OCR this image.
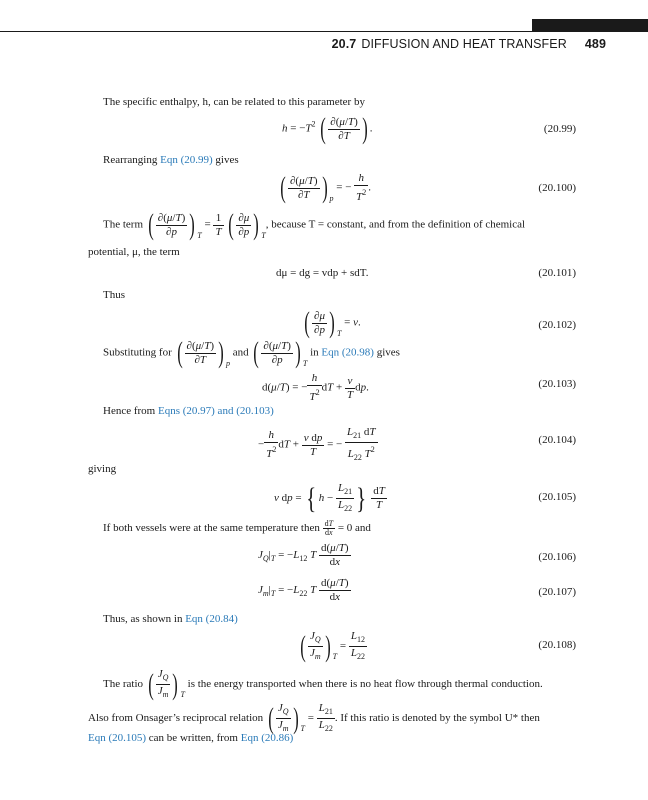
20.7 DIFFUSION AND HEAT TRANSFER 489
The specific enthalpy, h, can be related to this parameter by
$h = -T^2$ ( $\frac{\partial(\mu/T)}{\partial T}$ ) .	(20.99)
Rearranging Eqn (20.99) gives
( $\frac{\partial(\mu/T)}{\partial T}$ ) $_p$ = − $\frac{h}{T^2}$ .	(20.100)
The term ( $\frac{\partial(\mu/T)}{\partial p}$ ) $_T = \frac{1}{T}$ ( $\frac{\partial\mu}{\partial p}$ ) $_T$, because T = constant, and from the definition of chemical
potential, μ, the term
dμ = dg = vdp + sdT.	(20.101)
Thus
( $\frac{\partial\mu}{\partial p}$ ) $_T$ = v.	(20.102)
Substituting for ( $\frac{\partial(\mu/T)}{\partial T}$ ) $_p$ and ( $\frac{\partial(\mu/T)}{\partial p}$ ) $_T$ in Eqn (20.98) gives
d(μ/T) = − $\frac{h}{T^2}$ dT + $\frac{v}{T}$ dp.	(20.103)
Hence from Eqns (20.97) and (20.103)
− $\frac{h}{T^2}$ dT + $\frac{\text{v dp}}{T}$ = − $\frac{L_{21} dT}{L_{22} T^2}$	(20.104)
giving
v dp = { $h - \frac{L_{21}}{L_{22}}$ } $\frac{dT}{T}$	(20.105)
If both vessels were at the same temperature then $\frac{dT}{dx} = 0$ and
$J_Q|_T = -L_{12}$ T $\frac{d(\mu/T)}{dx}$	(20.106)
$J_m|_T = -L_{22}$ T $\frac{d(\mu/T)}{dx}$	(20.107)
Thus, as shown in Eqn (20.84)
( $\frac{J_Q}{J_m}$ ) $_T = \frac{L_{12}}{L_{22}}$	(20.108)
The ratio ( $\frac{J_Q}{J_m}$ ) $_T$ is the energy transported when there is no heat flow through thermal conduction.
Also from Onsager’s reciprocal relation ( $\frac{J_Q}{J_m}$ ) $_T = \frac{L_{21}}{L_{22}}$ . If this ratio is denoted by the symbol U* then
Eqn (20.105) can be written, from Eqn (20.86)
